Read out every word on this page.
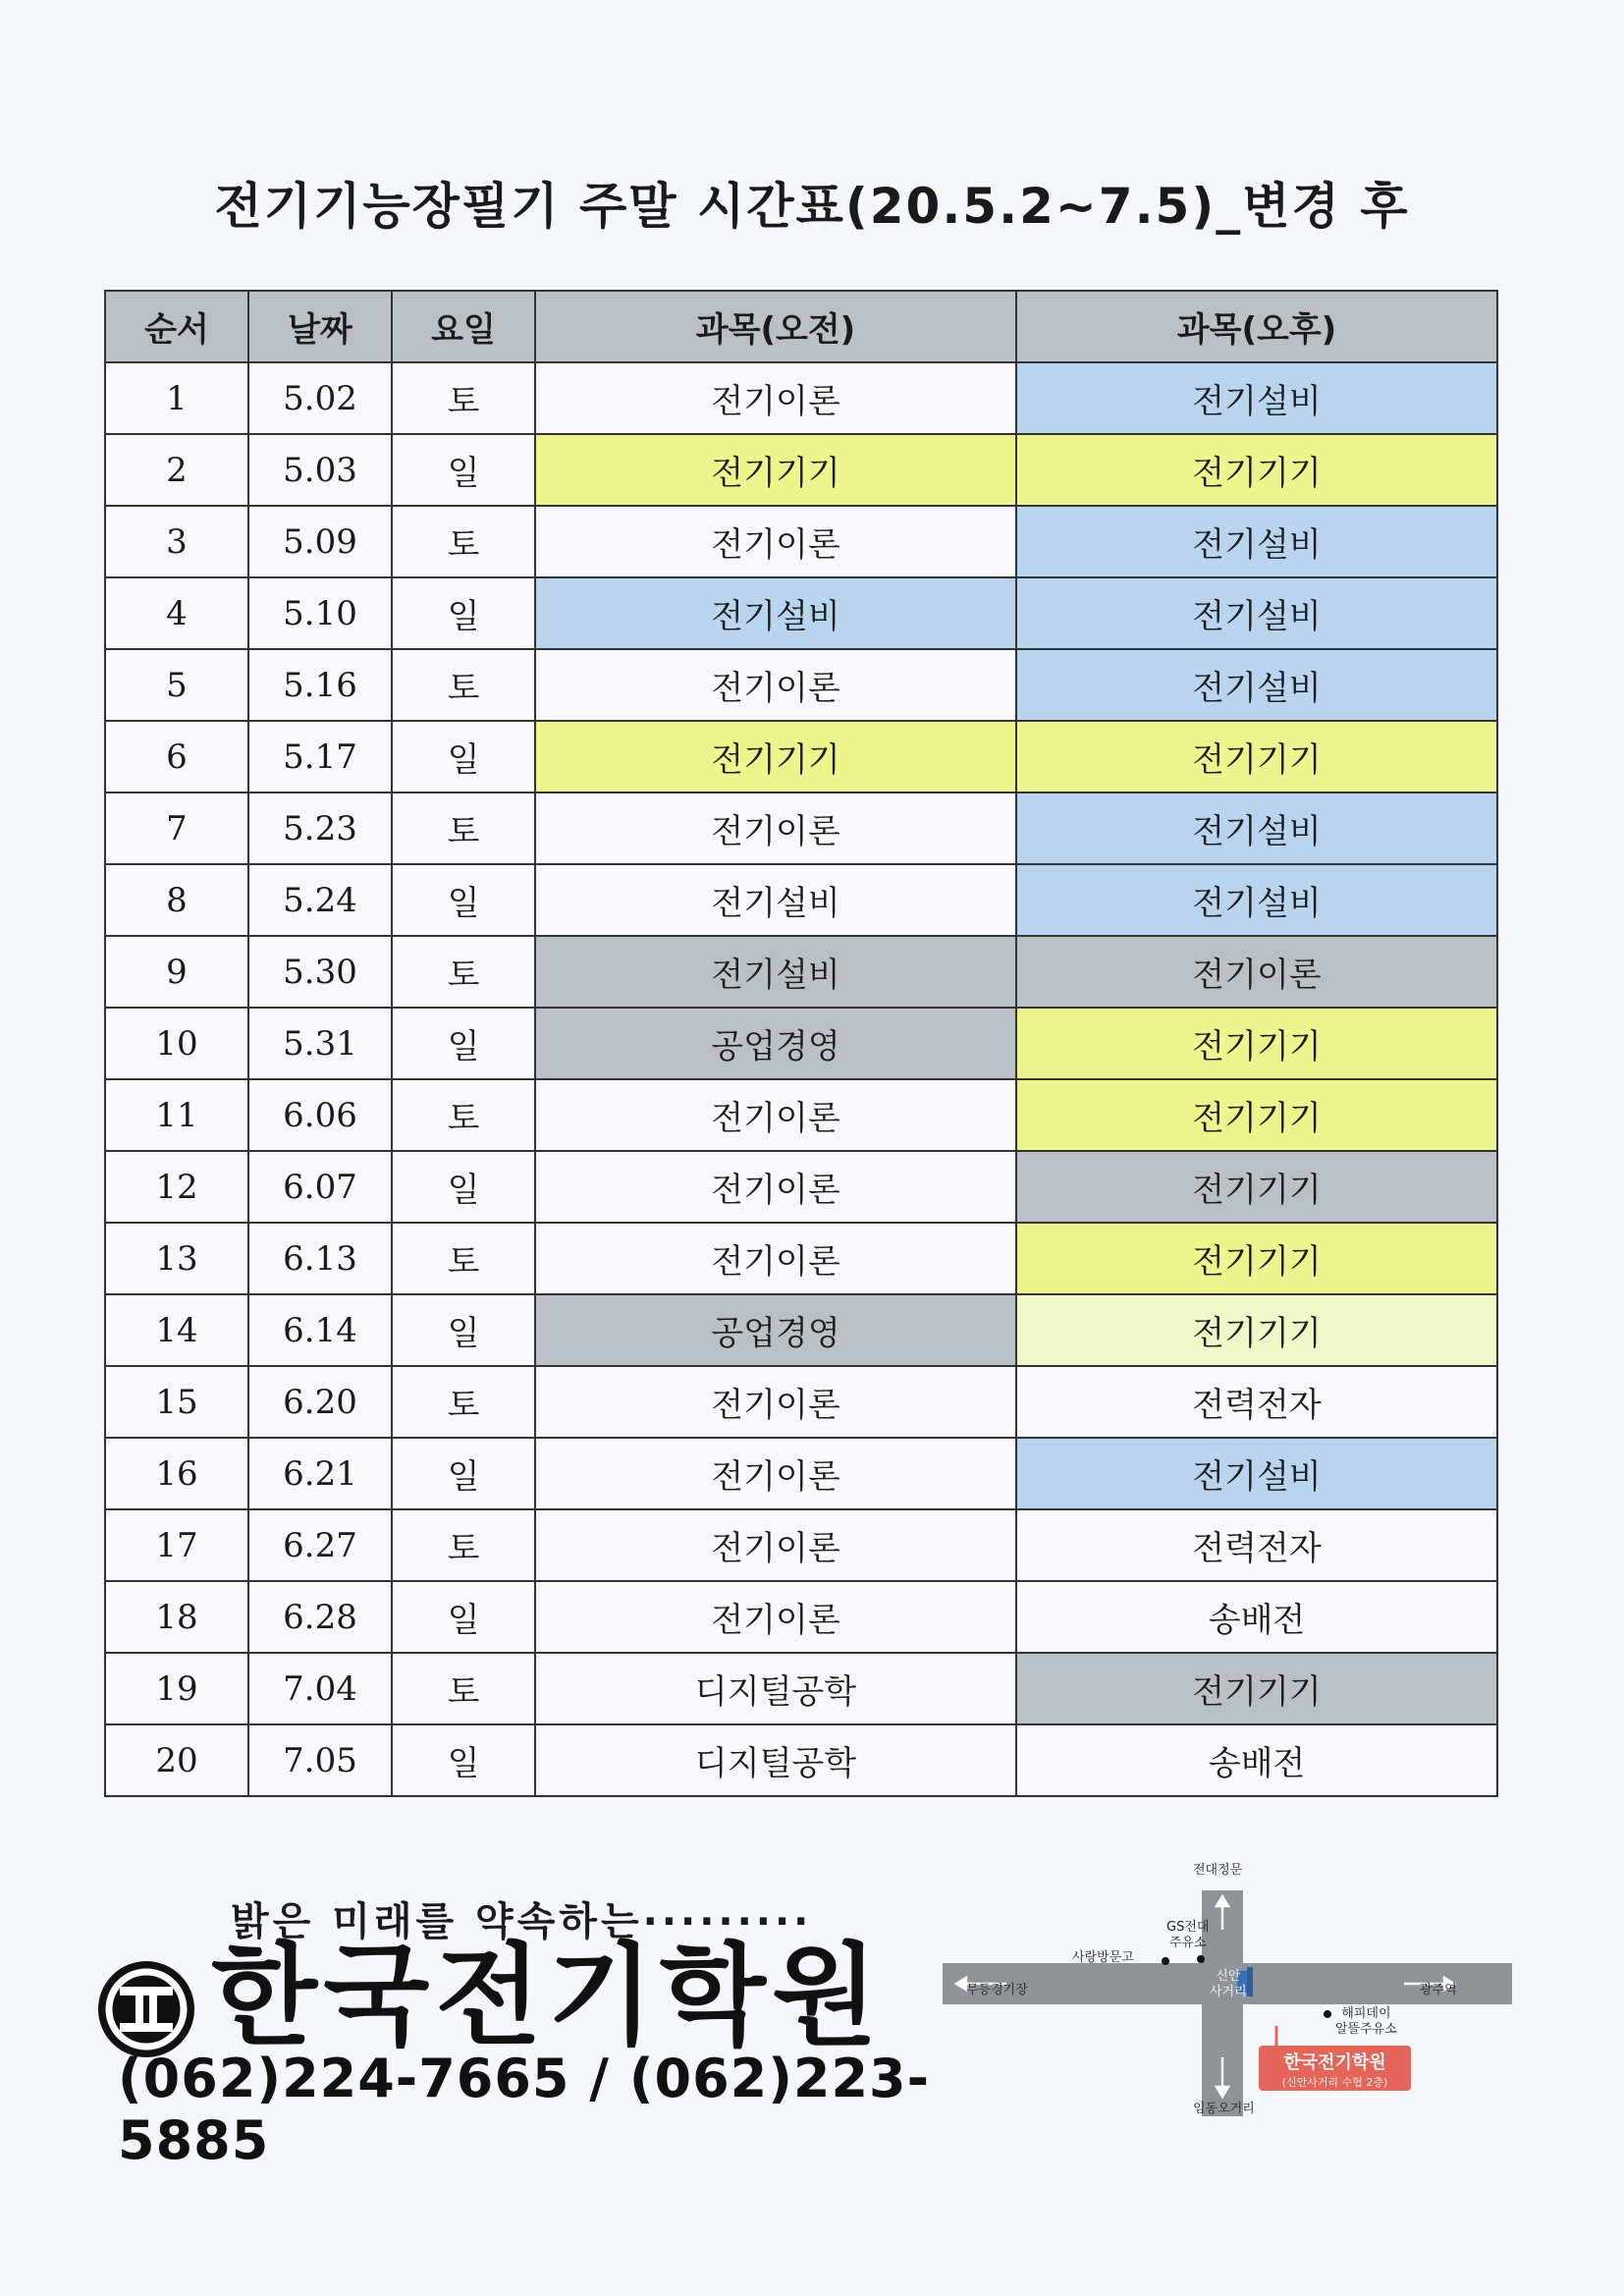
전기기능장필기 주말 시간표(20.5.2~7.5)_변경 후
순서	날짜	요일	과목(오전)	과목(오후)
1	5.02	토	전기이론	전기설비
2	5.03	일	전기기기	전기기기
3	5.09	토	전기이론	전기설비
4	5.10	일	전기설비	전기설비
5	5.16	토	전기이론	전기설비
6	5.17	일	전기기기	전기기기
7	5.23	토	전기이론	전기설비
8	5.24	일	전기설비	전기설비
9	5.30	토	전기설비	전기이론
10	5.31	일	공업경영	전기기기
11	6.06	토	전기이론	전기기기
12	6.07	일	전기이론	전기기기
13	6.13	토	전기이론	전기기기
14	6.14	일	공업경영	전기기기
15	6.20	토	전기이론	전력전자
16	6.21	일	전기이론	전기설비
17	6.27	토	전기이론	전력전자
18	6.28	일	전기이론	송배전
19	7.04	토	디지털공학	전기기기
20	7.05	일	디지털공학	송배전
밝은 미래를 약속하는·········
한국전기학원
(062)224-7665 / (062)223-5885
전대정문
임동오거리
무등경기장	광주역
GS전대
주유소
사랑방문고
신안
사거리
해피데이
알뜰주유소
한국전기학원
(신안사거리 수협 2층)
